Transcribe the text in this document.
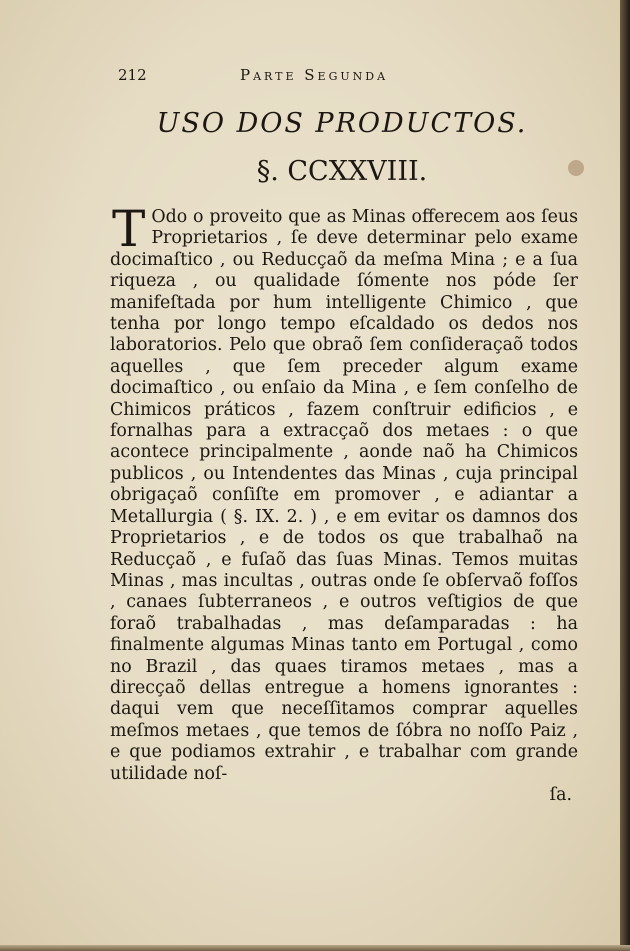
212	Parte Segunda
USO DOS PRODUCTOS.
§. CCXXVIII.

T Odo o proveito que as Minas offerecem aos ſeus Proprietarios , ſe deve determinar pelo exame docimaſtico , ou Reducçaõ da meſma Mina ; e a ſua riqueza , ou qualidade ſómente nos póde ſer manifeſtada por hum intelligente Chimico , que tenha por longo tempo eſcaldado os dedos nos laboratorios. Pelo que obraõ ſem conſideraçaõ todos aquelles , que ſem preceder algum exame docimaſtico , ou enſaio da Mina , e ſem conſelho de Chimicos práticos , fazem conſtruir edificios , e fornalhas para a extracçaõ dos metaes : o que acontece principalmente , aonde naõ ha Chimicos publicos , ou Intendentes das Minas , cuja principal obrigaçaõ conſiſte em promover , e adiantar a Metallurgia ( §. IX. 2. ) , e em evitar os damnos dos Proprietarios , e de todos os que trabalhaõ na Reducçaõ , e fuſaõ das ſuas Minas. Temos muitas Minas , mas incultas , outras onde ſe obſervaõ foſſos , canaes ſubterraneos , e outros veſtigios de que foraõ trabalhadas , mas deſamparadas : ha finalmente algumas Minas tanto em Portugal , como no Brazil , das quaes tiramos metaes , mas a direcçaõ dellas entregue a homens ignorantes : daqui vem que neceſſitamos comprar aquelles meſmos metaes , que temos de ſóbra no noſſo Paiz , e que podiamos extrahir , e trabalhar com grande utilidade noſ-

ſa.
